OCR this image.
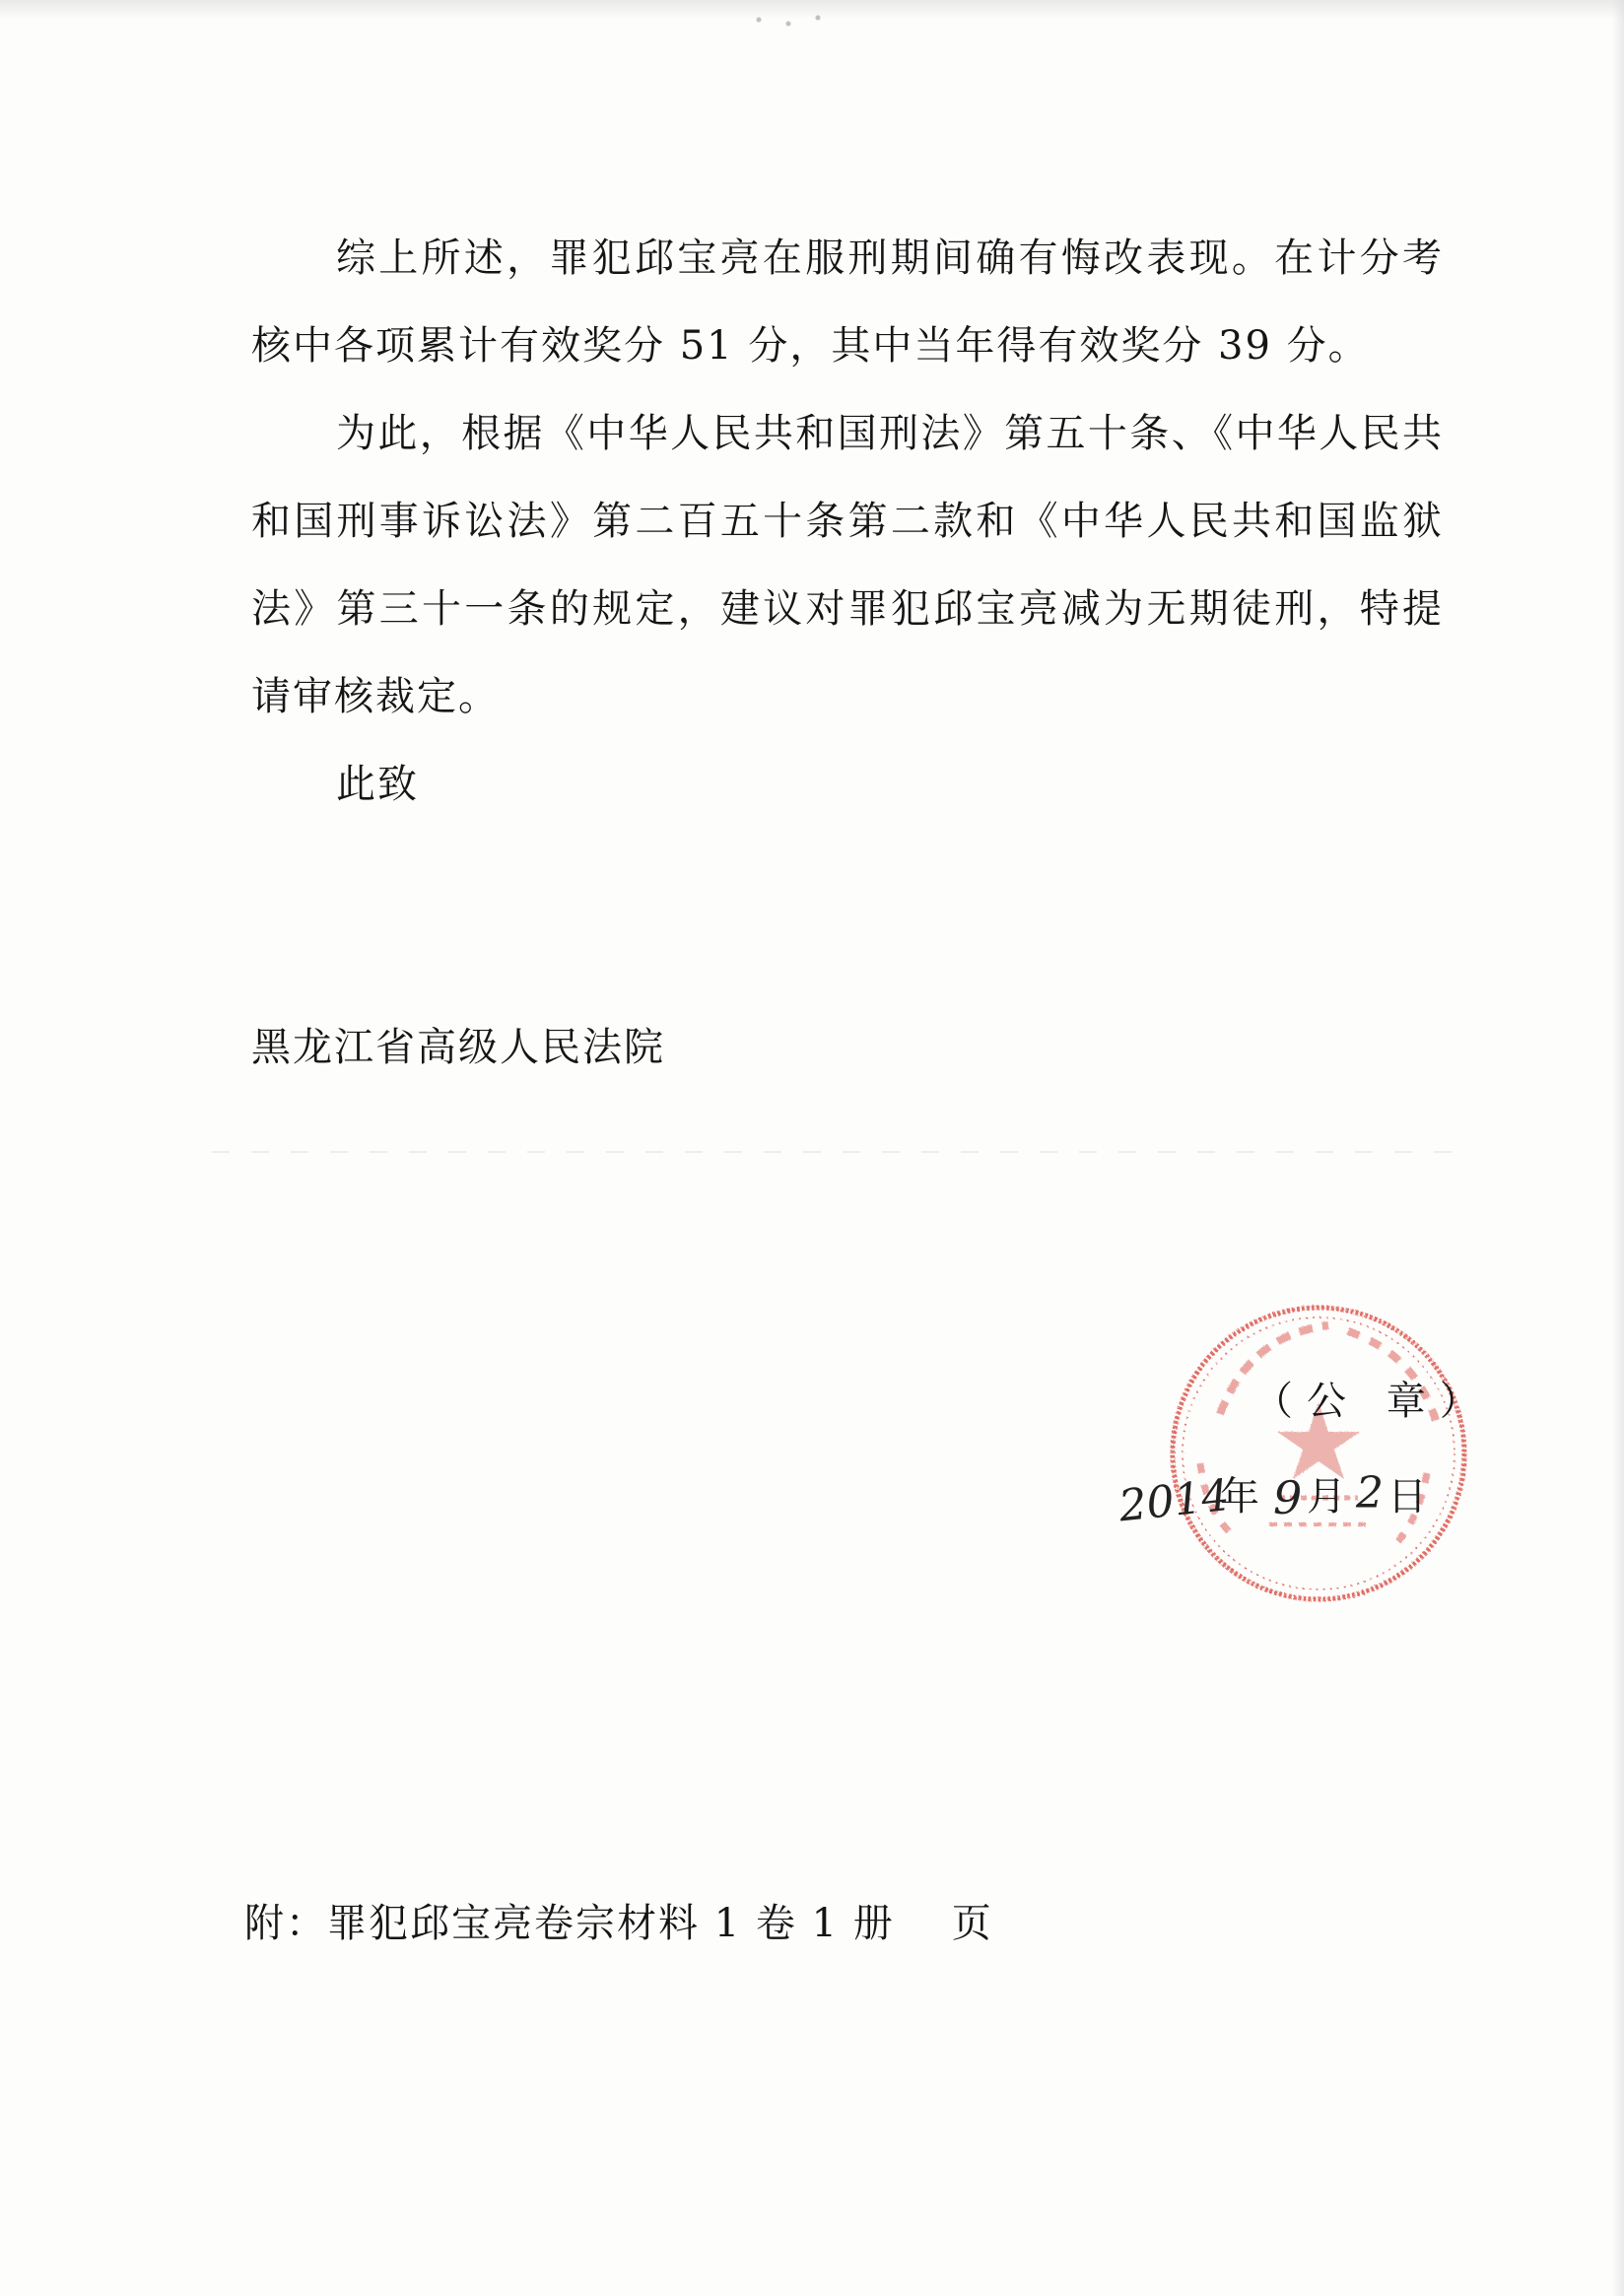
综上所述，罪犯邱宝亮在服刑期间确有悔改表现。在计分考核中各项累计有效奖分 51 分，其中当年得有效奖分 39 分。

为此，根据《中华人民共和国刑法》第五十条、《中华人民共和国刑事诉讼法》第二百五十条第二款和《中华人民共和国监狱法》第三十一条的规定，建议对罪犯邱宝亮减为无期徒刑，特提请审核裁定。

此致
黑龙江省高级人民法院
（公 章）
2014
年 9 月 2 日
附：罪犯邱宝亮卷宗材料 1 卷 1 册 页
